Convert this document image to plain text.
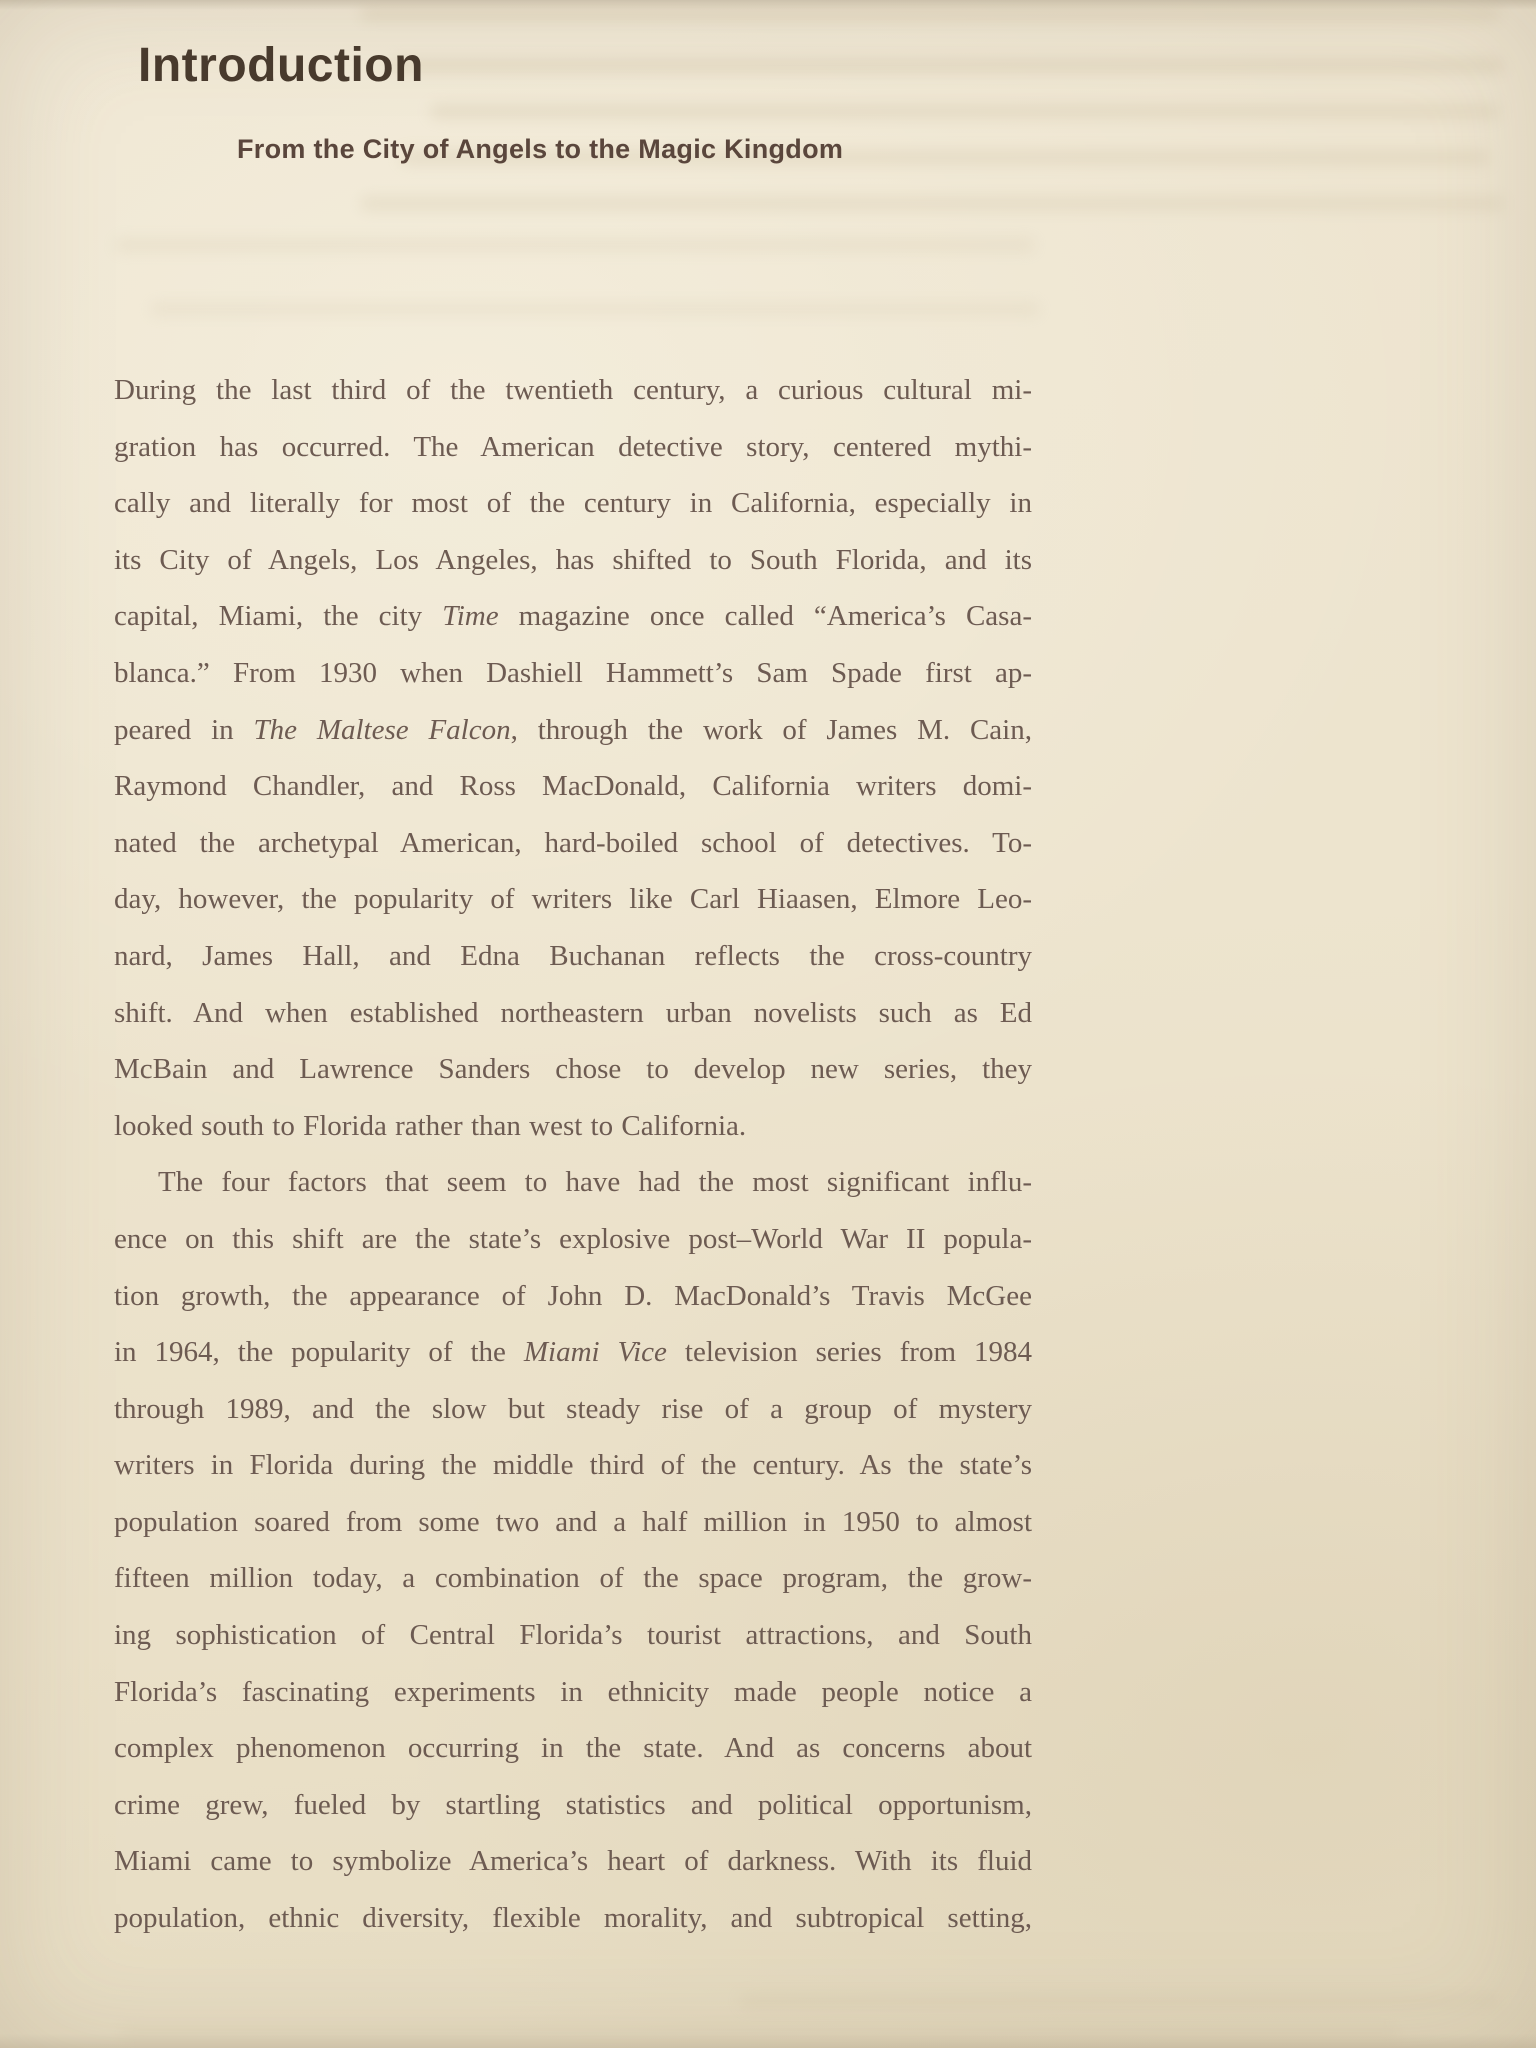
Introduction
From the City of Angels to the Magic Kingdom
During the last third of the twentieth century, a curious cultural mi-
gration has occurred. The American detective story, centered mythi-
cally and literally for most of the century in California, especially in
its City of Angels, Los Angeles, has shifted to South Florida, and its
capital, Miami, the city Time magazine once called “America’s Casa-
blanca.” From 1930 when Dashiell Hammett’s Sam Spade first ap-
peared in The Maltese Falcon, through the work of James M. Cain,
Raymond Chandler, and Ross MacDonald, California writers domi-
nated the archetypal American, hard-boiled school of detectives. To-
day, however, the popularity of writers like Carl Hiaasen, Elmore Leo-
nard, James Hall, and Edna Buchanan reflects the cross-country
shift. And when established northeastern urban novelists such as Ed
McBain and Lawrence Sanders chose to develop new series, they
looked south to Florida rather than west to California.
The four factors that seem to have had the most significant influ-
ence on this shift are the state’s explosive post–World War II popula-
tion growth, the appearance of John D. MacDonald’s Travis McGee
in 1964, the popularity of the Miami Vice television series from 1984
through 1989, and the slow but steady rise of a group of mystery
writers in Florida during the middle third of the century. As the state’s
population soared from some two and a half million in 1950 to almost
fifteen million today, a combination of the space program, the grow-
ing sophistication of Central Florida’s tourist attractions, and South
Florida’s fascinating experiments in ethnicity made people notice a
complex phenomenon occurring in the state. And as concerns about
crime grew, fueled by startling statistics and political opportunism,
Miami came to symbolize America’s heart of darkness. With its fluid
population, ethnic diversity, flexible morality, and subtropical setting,
